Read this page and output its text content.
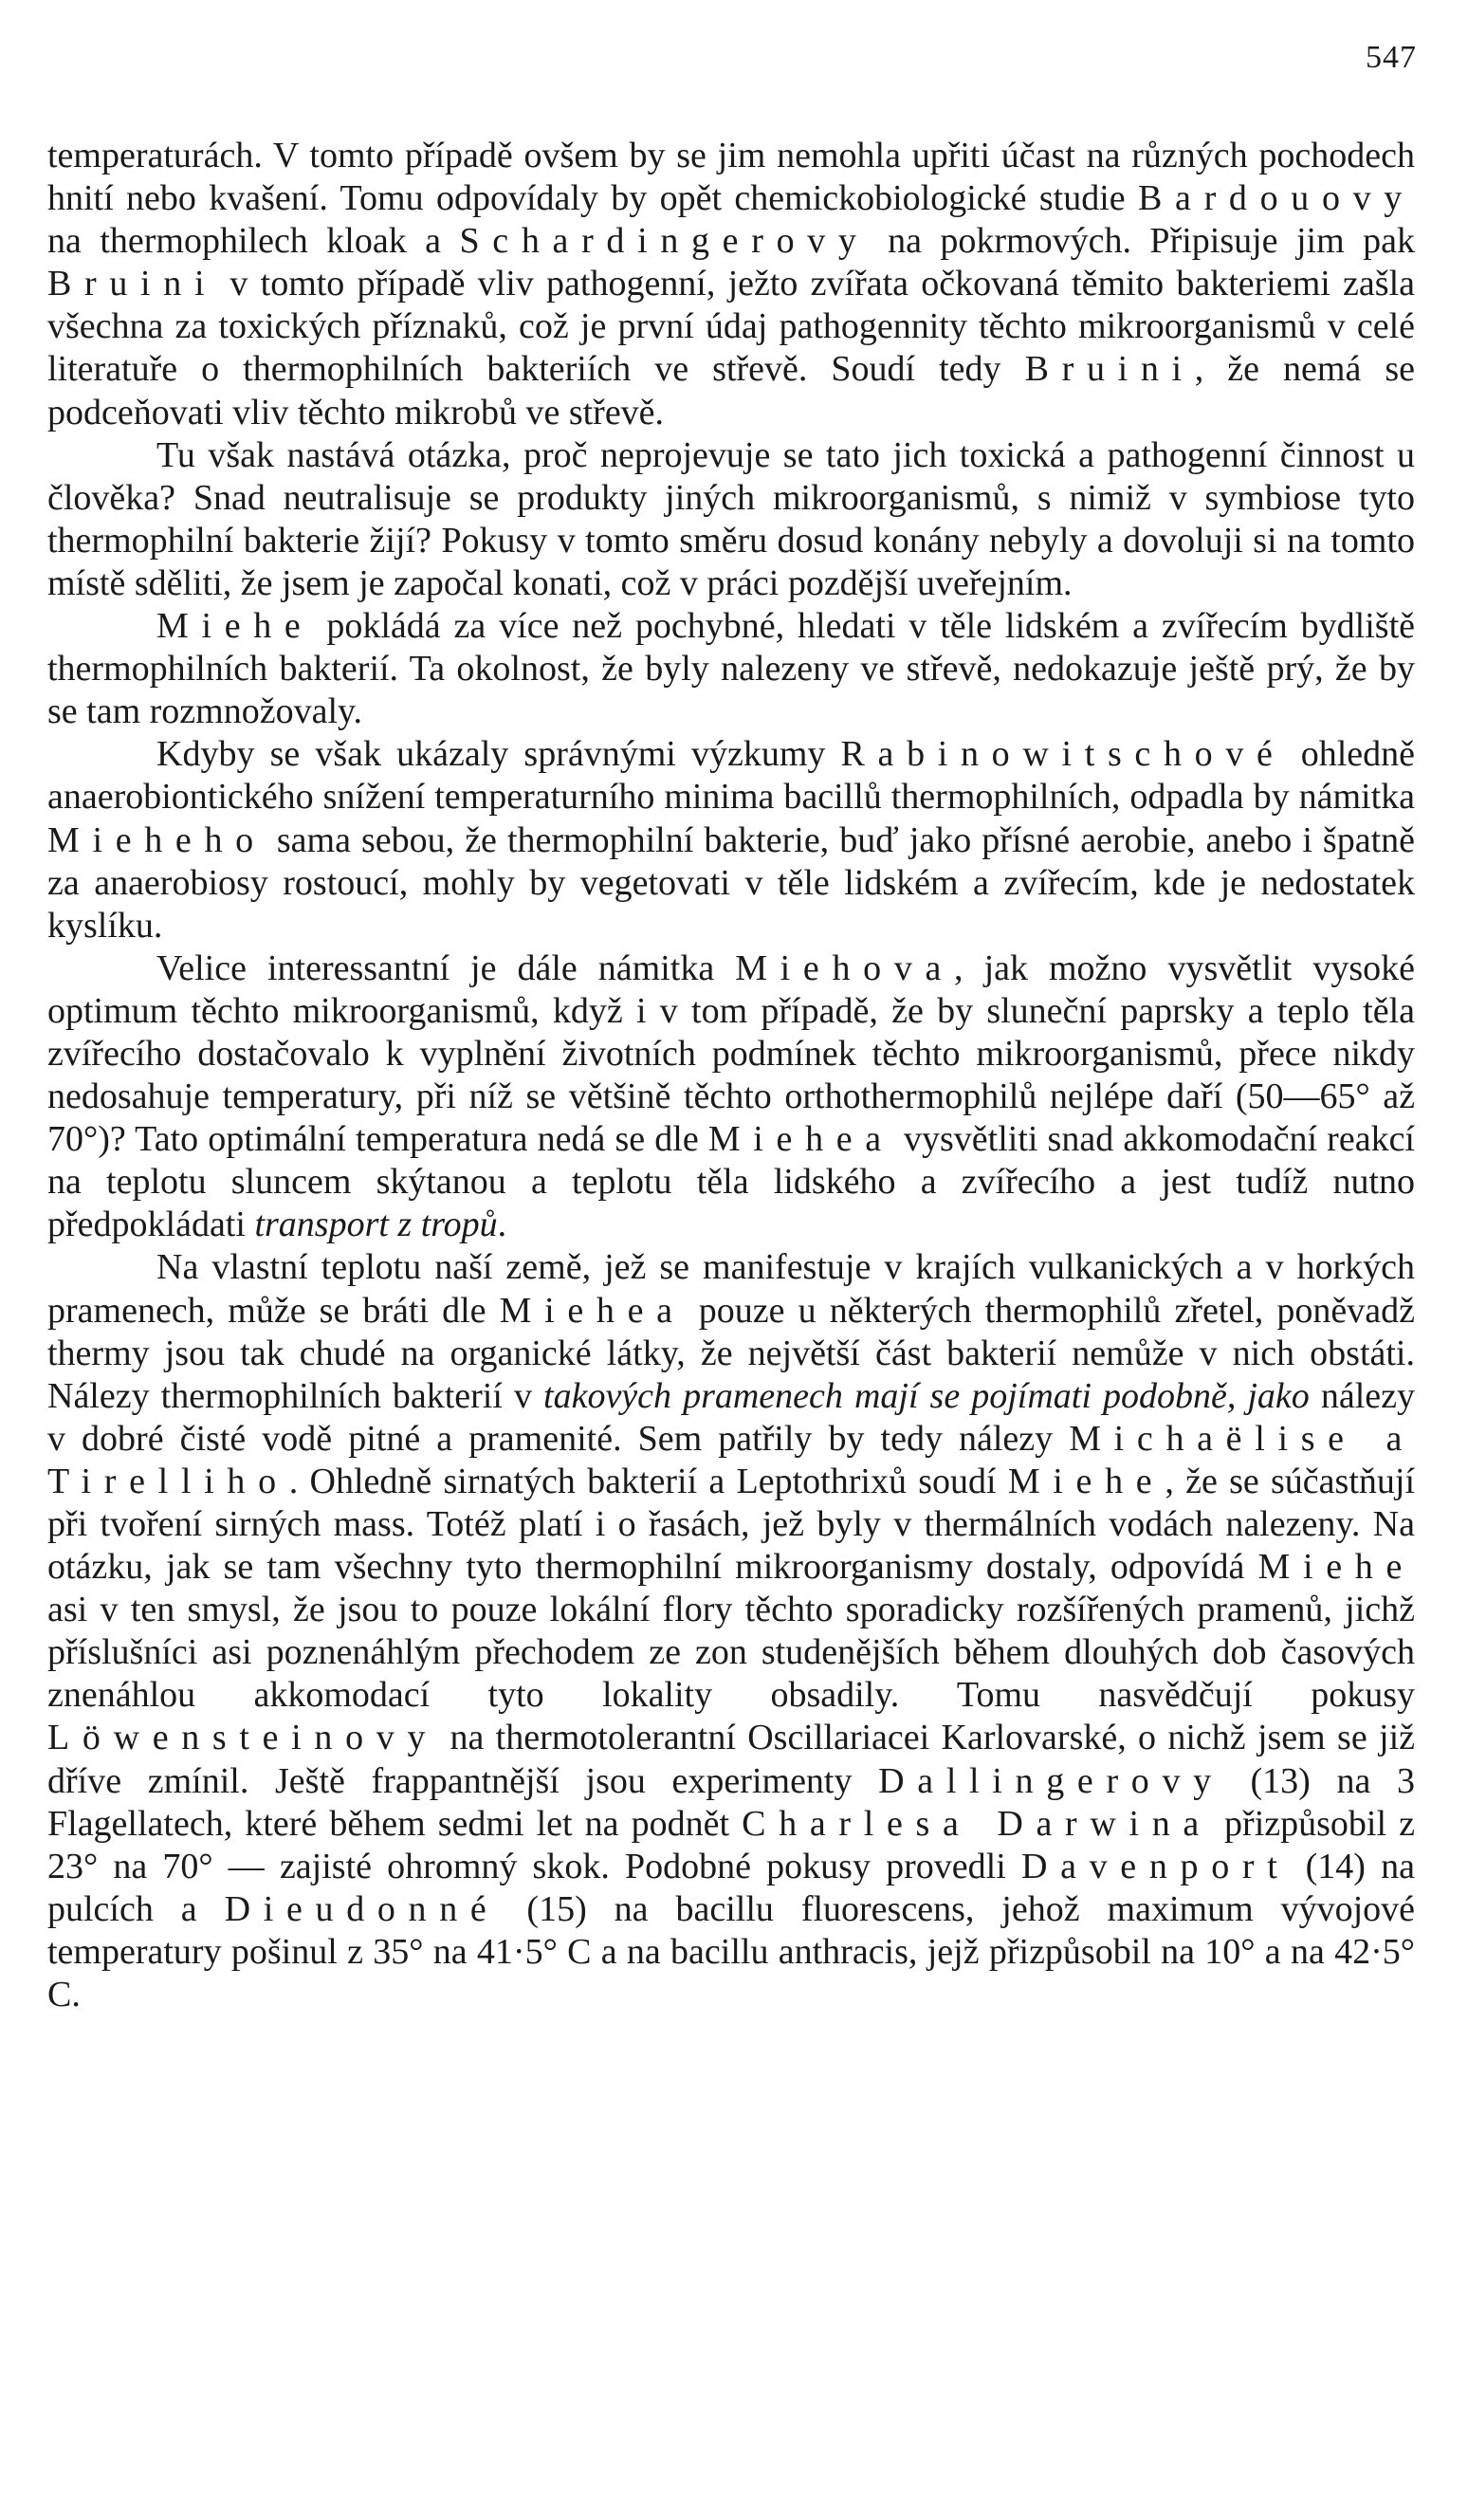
547

temperaturách. V tomto případě ovšem by se jim nemohla upřiti účast na různých pochodech hnití nebo kvašení. Tomu odpovídaly by opět chemickobiologické studie Bardouovy na thermophilech kloak a Schardingerovy na pokrmových. Připisuje jim pak Bruini v tomto případě vliv pathogenní, ježto zvířata očkovaná těmito bakteriemi zašla všechna za toxických příznaků, což je první údaj pathogennity těchto mikroorganismů v celé literatuře o thermophilních bakteriích ve střevě. Soudí tedy Bruini, že nemá se podceňovati vliv těchto mikrobů ve střevě.

Tu však nastává otázka, proč neprojevuje se tato jich toxická a pathogenní činnost u člověka? Snad neutralisuje se produkty jiných mikroorganismů, s nimiž v symbiose tyto thermophilní bakterie žijí? Pokusy v tomto směru dosud konány nebyly a dovoluji si na tomto místě sděliti, že jsem je započal konati, což v práci pozdější uveřejním.

Miehe pokládá za více než pochybné, hledati v těle lidském a zvířecím bydliště thermophilních bakterií. Ta okolnost, že byly nalezeny ve střevě, nedokazuje ještě prý, že by se tam rozmnožovaly.

Kdyby se však ukázaly správnými výzkumy Rabinowitschové ohledně anaerobiontického snížení temperaturního minima bacillů thermophilních, odpadla by námitka Mieheho sama sebou, že thermophilní bakterie, buď jako přísné aerobie, anebo i špatně za anaerobiosy rostoucí, mohly by vegetovati v těle lidském a zvířecím, kde je nedostatek kyslíku.

Velice interessantní je dále námitka Miehova, jak možno vysvětlit vysoké optimum těchto mikroorganismů, když i v tom případě, že by sluneční paprsky a teplo těla zvířecího dostačovalo k vyplnění životních podmínek těchto mikroorganismů, přece nikdy nedosahuje temperatury, při níž se většině těchto orthothermophilů nejlépe daří (50—65° až 70°)? Tato optimální temperatura nedá se dle Miehea vysvětliti snad akkomodační reakcí na teplotu sluncem skýtanou a teplotu těla lidského a zvířecího a jest tudíž nutno předpokládati transport z tropů.

Na vlastní teplotu naší země, jež se manifestuje v krajích vulkanických a v horkých pramenech, může se bráti dle Miehea pouze u některých thermophilů zřetel, poněvadž thermy jsou tak chudé na organické látky, že největší část bakterií nemůže v nich obstáti. Nálezy thermophilních bakterií v takových pramenech mají se pojímati podobně, jako nálezy v dobré čisté vodě pitné a pramenité. Sem patřily by tedy nálezy Michaëlise a Tirelliho. Ohledně sirnatých bakterií a Leptothrixů soudí Miehe, že se súčastňují při tvoření sirných mass. Totéž platí i o řasách, jež byly v thermálních vodách nalezeny. Na otázku, jak se tam všechny tyto thermophilní mikroorganismy dostaly, odpovídá Miehe asi v ten smysl, že jsou to pouze lokální flory těchto sporadicky rozšířených pramenů, jichž příslušníci asi poznenáhlým přechodem ze zon studenějších během dlouhých dob časových znenáhlou akkomodací tyto lokality obsadily. Tomu nasvědčují pokusy Löwensteinovy na thermotolerantní Oscillariacei Karlovarské, o nichž jsem se již dříve zmínil. Ještě frappantnější jsou experimenty Dallingerovy (13) na 3 Flagellatech, které během sedmi let na podnět Charlesa Darwina přizpůsobil z 23° na 70° — zajisté ohromný skok. Podobné pokusy provedli Davenport (14) na pulcích a Dieudonné (15) na bacillu fluorescens, jehož maximum vývojové temperatury pošinul z 35° na 41·5° C a na bacillu anthracis, jejž přizpůsobil na 10° a na 42·5° C.
